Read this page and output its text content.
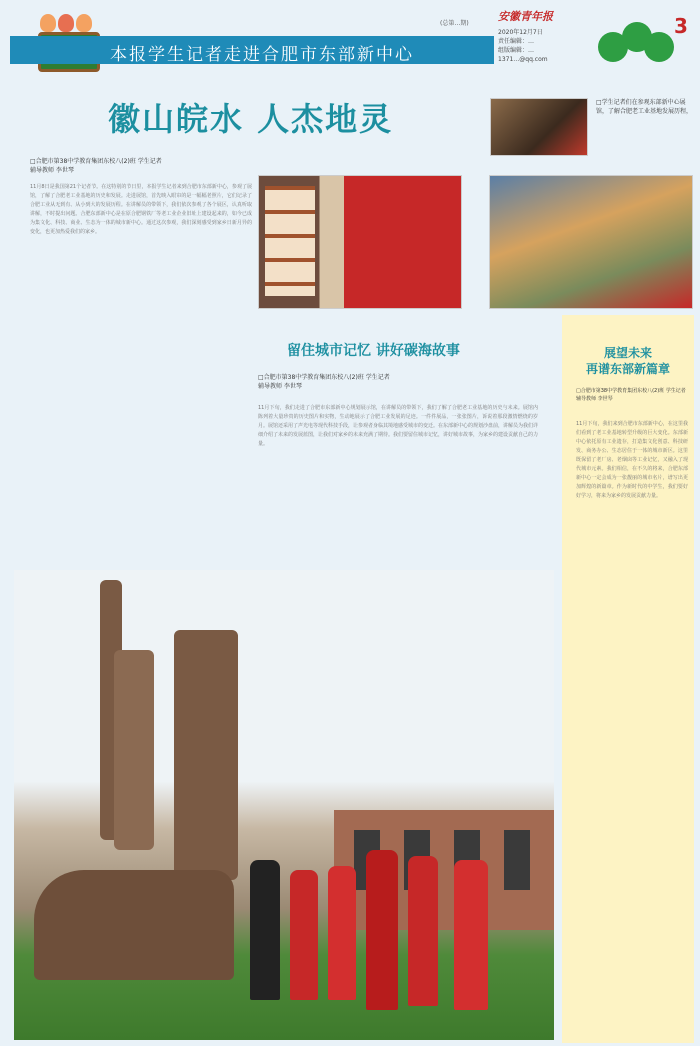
(总第…期)
本报学生记者走进合肥市东部新中心
安徽青年报
2020年12月7日
责任编辑：…
组版编辑：…
1371…@qq.com
3
徽山皖水 人杰地灵	□学生记者们在参观东部新中心展馆，了解合肥老工业基地发展历程，
□合肥市第38中学教育集团东校八(2)班 学生记者
辅导教师 李世琴
11月8日是我国第21个记者节。在这特别的节日里，本报学生记者来到合肥市东部新中心，参观了展馆，了解了合肥老工业基地的历史和发展。走进展馆，首先映入眼帘的是一幅幅老照片，它们记录了合肥工业从无到有、从小到大的发展历程。在讲解员的带领下，我们依次参观了各个展区，认真听取讲解，不时提出问题。合肥东部新中心是在原合肥钢铁厂等老工业企业旧址上建设起来的，如今已成为集文化、科技、商业、生态为一体的城市新中心。通过这次参观，我们深刻感受到家乡日新月异的变化，也更加热爱我们的家乡。
留住城市记忆 讲好碳海故事
□合肥市第38中学教育集团东校八(2)班 学生记者
辅导教师 李世琴
11月下旬，我们走进了合肥市东部新中心规划展示馆，在讲解员的带领下，我们了解了合肥老工业基地的历史与未来。展馆内陈列着大量珍贵的历史图片和实物，生动地展示了合肥工业发展的足迹。一件件展品，一张张图片，诉说着那段激情燃烧的岁月。展馆还采用了声光电等现代科技手段，让参观者身临其境地感受城市的变迁。在东部新中心的规划沙盘前，讲解员为我们详细介绍了未来的发展蓝图，让我们对家乡的未来充满了期待。我们要留住城市记忆，讲好城市故事，为家乡的建设贡献自己的力量。
展望未来
再谱东部新篇章
□合肥市第38中学教育集团东校八(2)班 学生记者
辅导教师 李世琴
11月下旬，我们来到合肥市东部新中心，在这里我们看到了老工业基地转型升级的巨大变化。东部新中心依托原有工业遗存，打造集文化创意、科技研发、商务办公、生态居住于一体的城市新区。这里既保留了老厂房、老烟囱等工业记忆，又融入了现代城市元素。我们相信，在不久的将来，合肥东部新中心一定会成为一张靓丽的城市名片，谱写出更加辉煌的新篇章。作为新时代的中学生，我们要好好学习，将来为家乡的发展贡献力量。
